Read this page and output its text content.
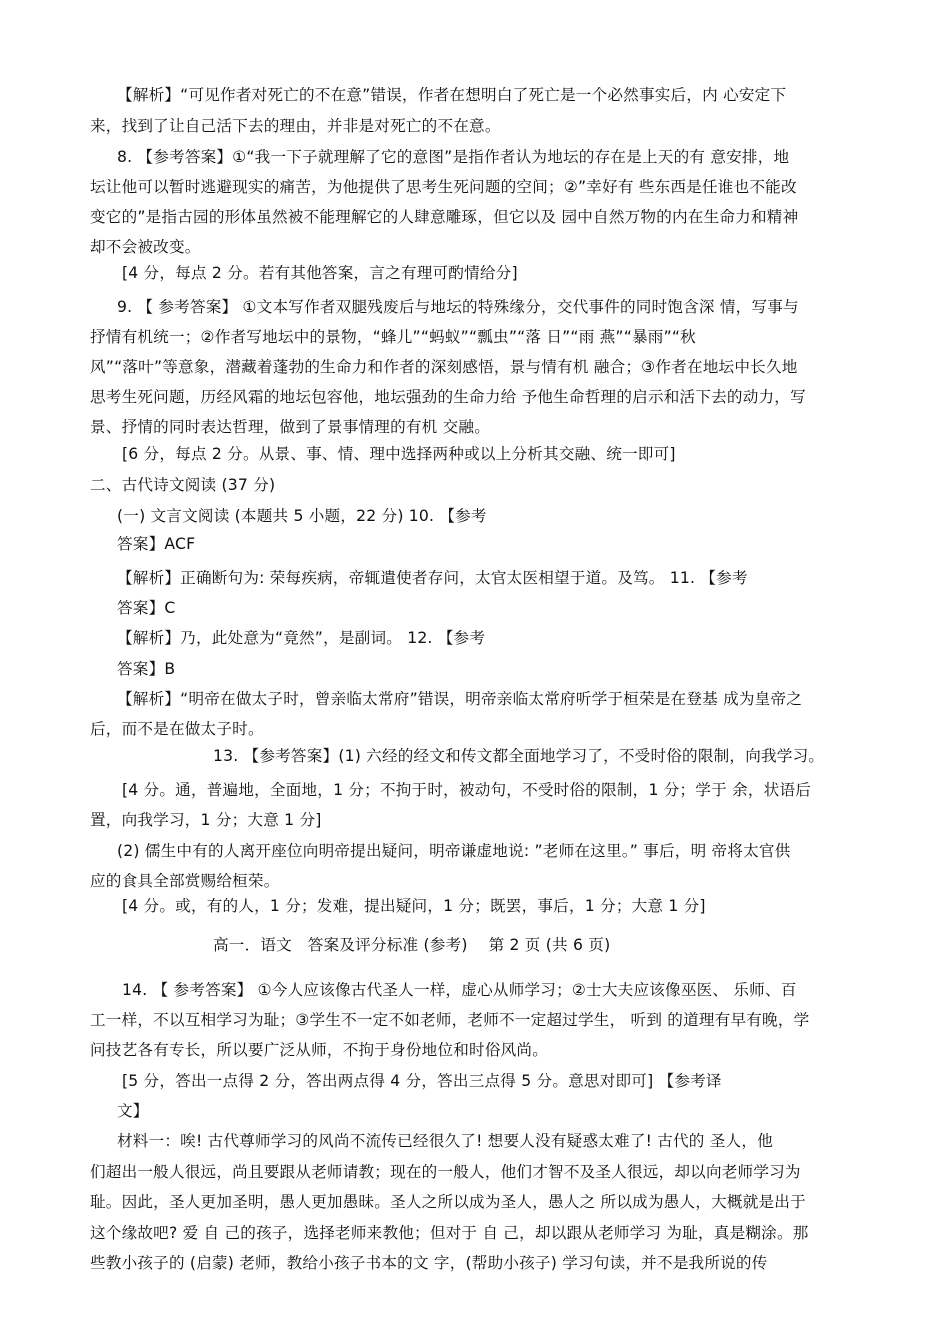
【解析】“可见作者对死亡的不在意”错误，作者在想明白了死亡是一个必然事实后，内 心安定下

来，找到了让自己活下去的理由，并非是对死亡的不在意。

8. 【参考答案】①“我一下子就理解了它的意图”是指作者认为地坛的存在是上天的有 意安排，地

坛让他可以暂时逃避现实的痛苦，为他提供了思考生死问题的空间；②”幸好有 些东西是任谁也不能改

变它的”是指古园的形体虽然被不能理解它的人肆意雕琢，但它以及 园中自然万物的内在生命力和精神

却不会被改变。

[4 分，每点 2 分。若有其他答案，言之有理可酌情给分]

9. 【 参考答案】 ①文本写作者双腿残废后与地坛的特殊缘分，交代事件的同时饱含深 情，写事与

抒情有机统一；②作者写地坛中的景物，“蜂儿”“蚂蚁”“瓢虫”“落 日”“雨 燕”“暴雨”“秋

风”“落叶”等意象，潜藏着蓬勃的生命力和作者的深刻感悟，景与情有机 融合；③作者在地坛中长久地

思考生死问题，历经风霜的地坛包容他，地坛强劲的生命力给 予他生命哲理的启示和活下去的动力，写

景、抒情的同时表达哲理，做到了景事情理的有机 交融。

[6 分，每点 2 分。从景、事、情、理中选择两种或以上分析其交融、统一即可]

二、古代诗文阅读 (37 分)

(一) 文言文阅读 (本题共 5 小题，22 分) 10. 【参考

答案】ACF

【解析】正确断句为: 荣每疾病，帝辄遣使者存问，太官太医相望于道。及笃。 11. 【参考

答案】C

【解析】乃，此处意为“竟然”，是副词。 12. 【参考

答案】B

【解析】“明帝在做太子时，曾亲临太常府”错误，明帝亲临太常府听学于桓荣是在登基 成为皇帝之

后，而不是在做太子时。

13. 【参考答案】(1) 六经的经文和传文都全面地学习了，不受时俗的限制，向我学习。

[4 分。通，普遍地，全面地，1 分；不拘于时，被动句，不受时俗的限制，1 分；学于 余，状语后

置，向我学习，1 分；大意 1 分]

(2) 儒生中有的人离开座位向明帝提出疑问，明帝谦虚地说: ”老师在这里。” 事后，明 帝将太官供

应的食具全部赏赐给桓荣。

[4 分。或，有的人，1 分；发难，提出疑问，1 分；既罢，事后，1 分；大意 1 分]

高一．语文　答案及评分标准 (参考)　 第 2 页 (共 6 页)

14. 【 参考答案】 ①今人应该像古代圣人一样，虚心从师学习；②士大夫应该像巫医、 乐师、百

工一样，不以互相学习为耻；③学生不一定不如老师，老师不一定超过学生， 听到 的道理有早有晚，学

问技艺各有专长，所以要广泛从师，不拘于身份地位和时俗风尚。

[5 分，答出一点得 2 分，答出两点得 4 分，答出三点得 5 分。意思对即可] 【参考译

文】

材料一：唉! 古代尊师学习的风尚不流传已经很久了! 想要人没有疑惑太难了! 古代的 圣人，他

们超出一般人很远，尚且要跟从老师请教；现在的一般人，他们才智不及圣人很远，却以向老师学习为

耻。因此，圣人更加圣明，愚人更加愚昧。圣人之所以成为圣人，愚人之 所以成为愚人，大概就是出于

这个缘故吧? 爱 自 己的孩子，选择老师来教他；但对于 自 己，却以跟从老师学习 为耻，真是糊涂。那

些教小孩子的 (启蒙) 老师，教给小孩子书本的文 字，(帮助小孩子) 学习句读，并不是我所说的传
